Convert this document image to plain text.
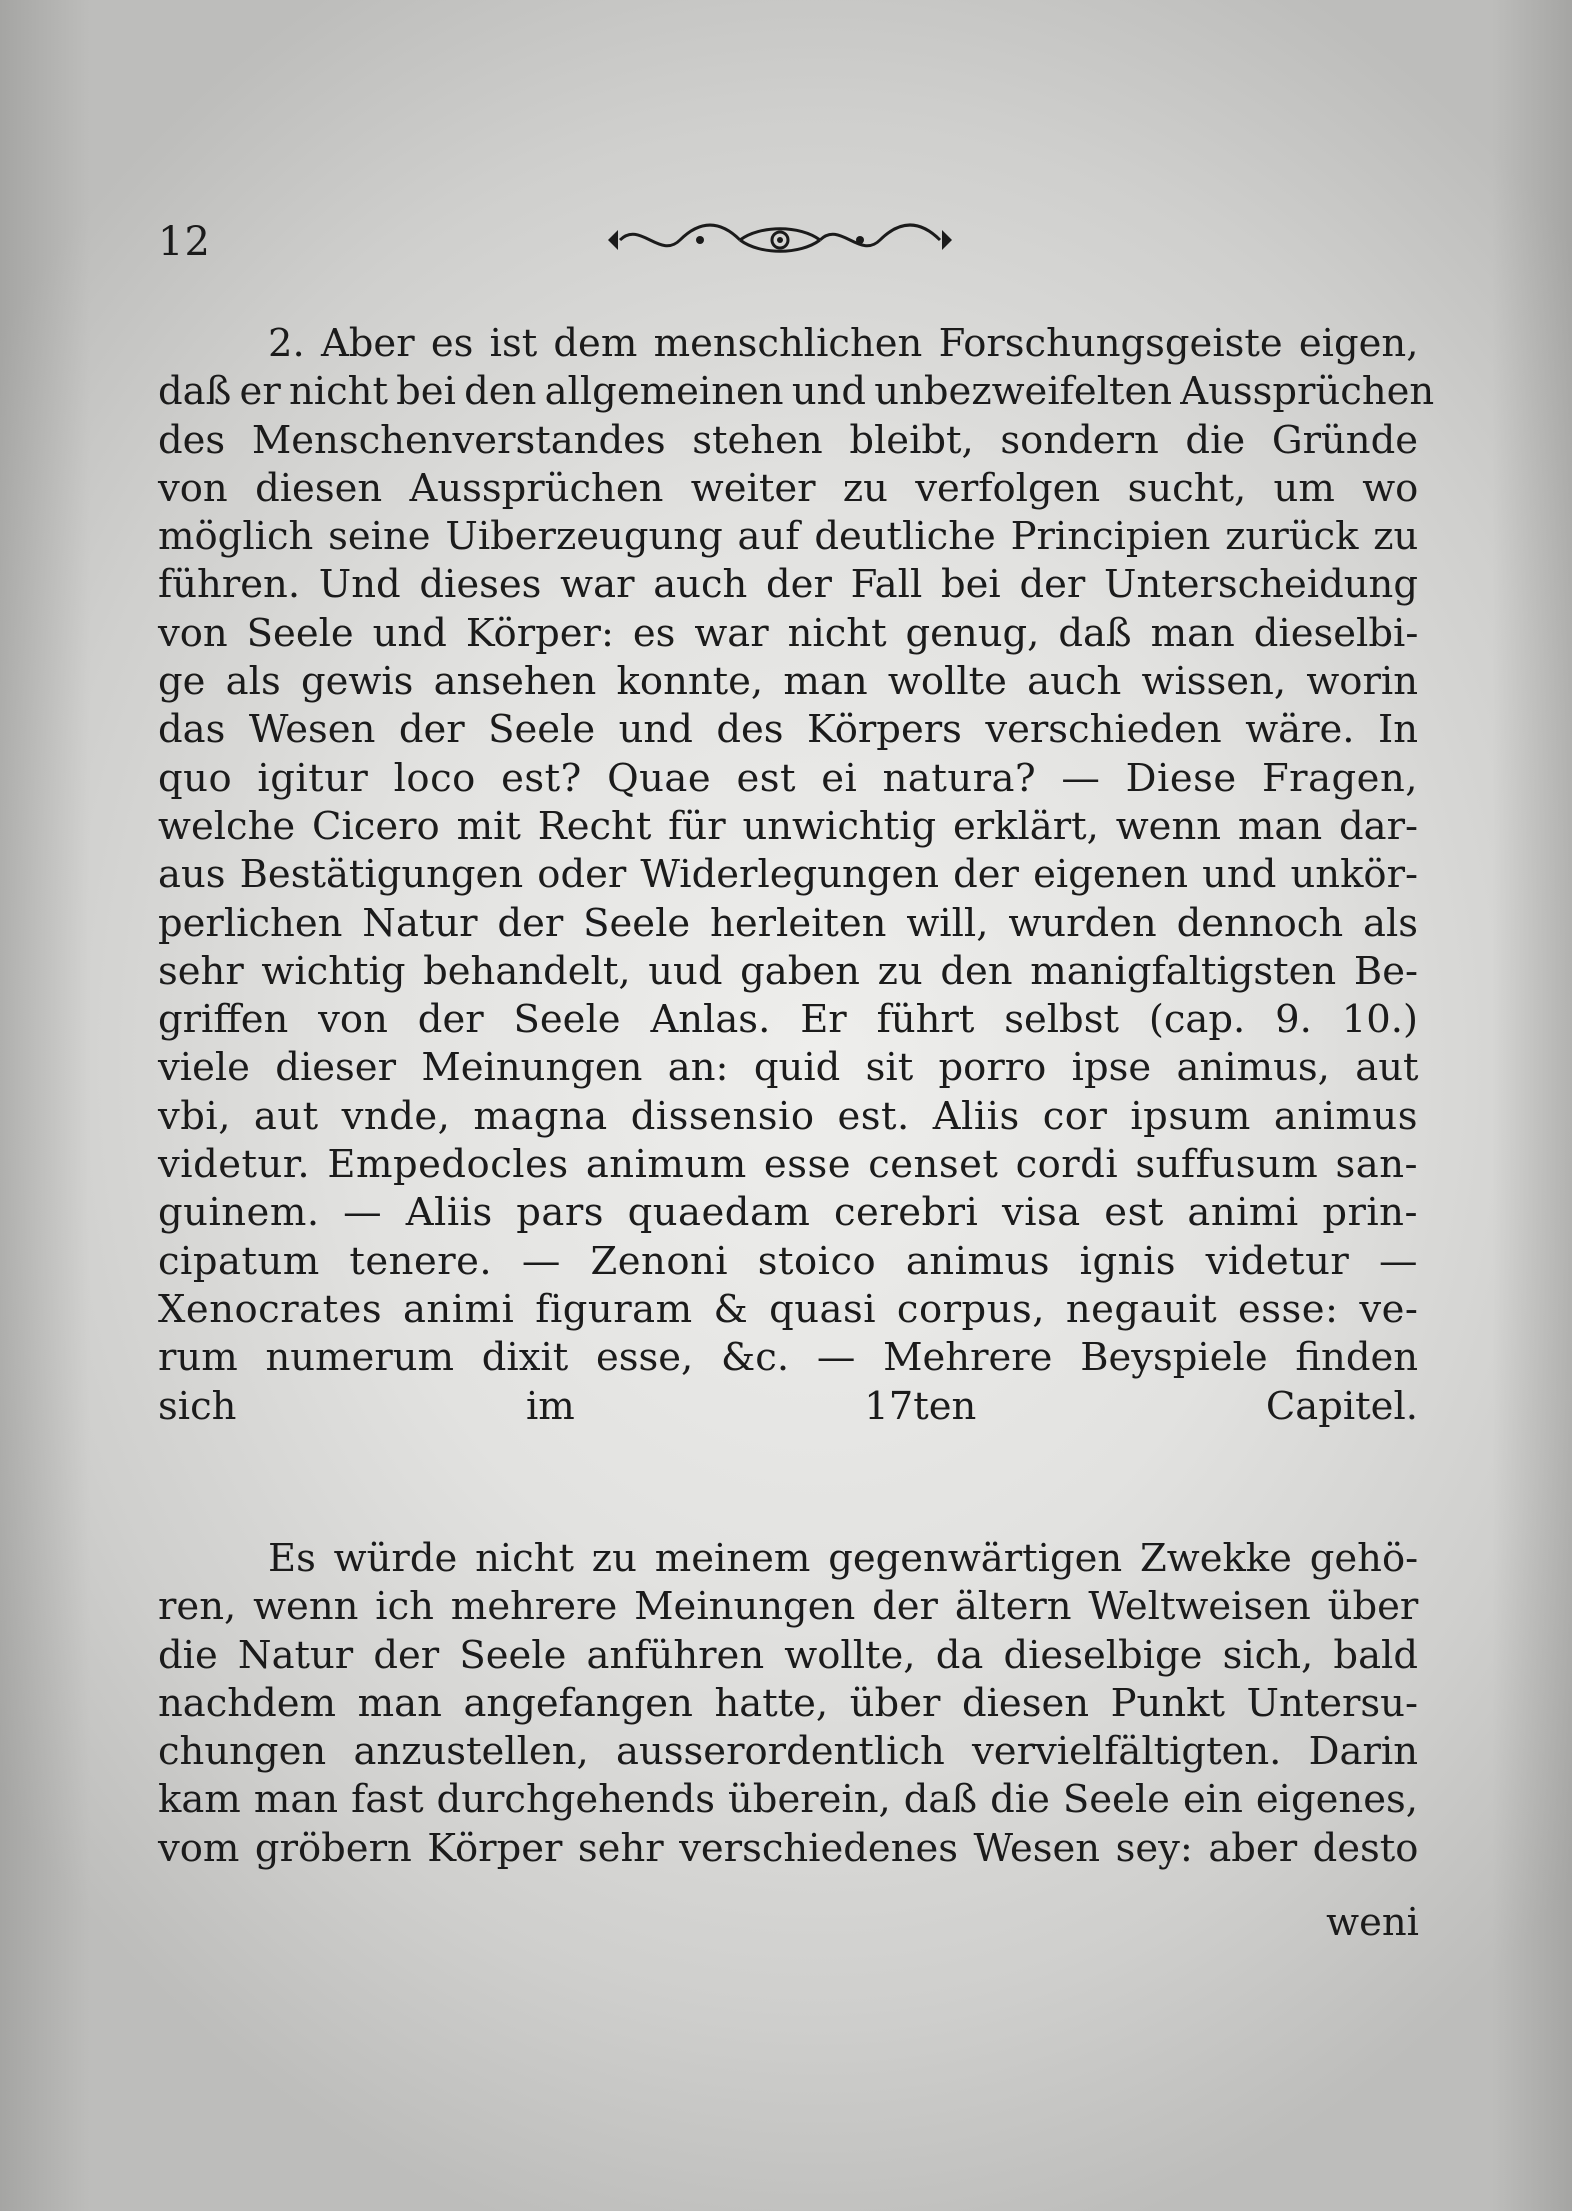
12
2. Aber es ist dem menschlichen Forschungsgeiste eigen,
daß er nicht bei den allgemeinen und unbezweifelten Aussprüchen
des Menschenverstandes stehen bleibt, sondern die Gründe
von diesen Aussprüchen weiter zu verfolgen sucht, um wo
möglich seine Uiberzeugung auf deutliche Principien zurück zu
führen. Und dieses war auch der Fall bei der Unterscheidung
von Seele und Körper: es war nicht genug, daß man dieselbi-
ge als gewis ansehen konnte, man wollte auch wissen, worin
das Wesen der Seele und des Körpers verschieden wäre. In
quo igitur loco est? Quae est ei natura? — Diese Fragen,
welche Cicero mit Recht für unwichtig erklärt, wenn man dar-
aus Bestätigungen oder Widerlegungen der eigenen und unkör-
perlichen Natur der Seele herleiten will, wurden dennoch als
sehr wichtig behandelt, uud gaben zu den manigfaltigsten Be-
griffen von der Seele Anlas. Er führt selbst (cap. 9. 10.)
viele dieser Meinungen an: quid sit porro ipse animus, aut
vbi, aut vnde, magna dissensio est. Aliis cor ipsum animus
videtur. Empedocles animum esse censet cordi suffusum san-
guinem. — Aliis pars quaedam cerebri visa est animi prin-
cipatum tenere. — Zenoni stoico animus ignis videtur —
Xenocrates animi figuram & quasi corpus, negauit esse: ve-
rum numerum dixit esse, &c. — Mehrere Beyspiele finden
sich im 17ten Capitel.
Es würde nicht zu meinem gegenwärtigen Zwekke gehö-
ren, wenn ich mehrere Meinungen der ältern Weltweisen über
die Natur der Seele anführen wollte, da dieselbige sich, bald
nachdem man angefangen hatte, über diesen Punkt Untersu-
chungen anzustellen, ausserordentlich vervielfältigten. Darin
kam man fast durchgehends überein, daß die Seele ein eigenes,
vom gröbern Körper sehr verschiedenes Wesen sey: aber desto
weni
